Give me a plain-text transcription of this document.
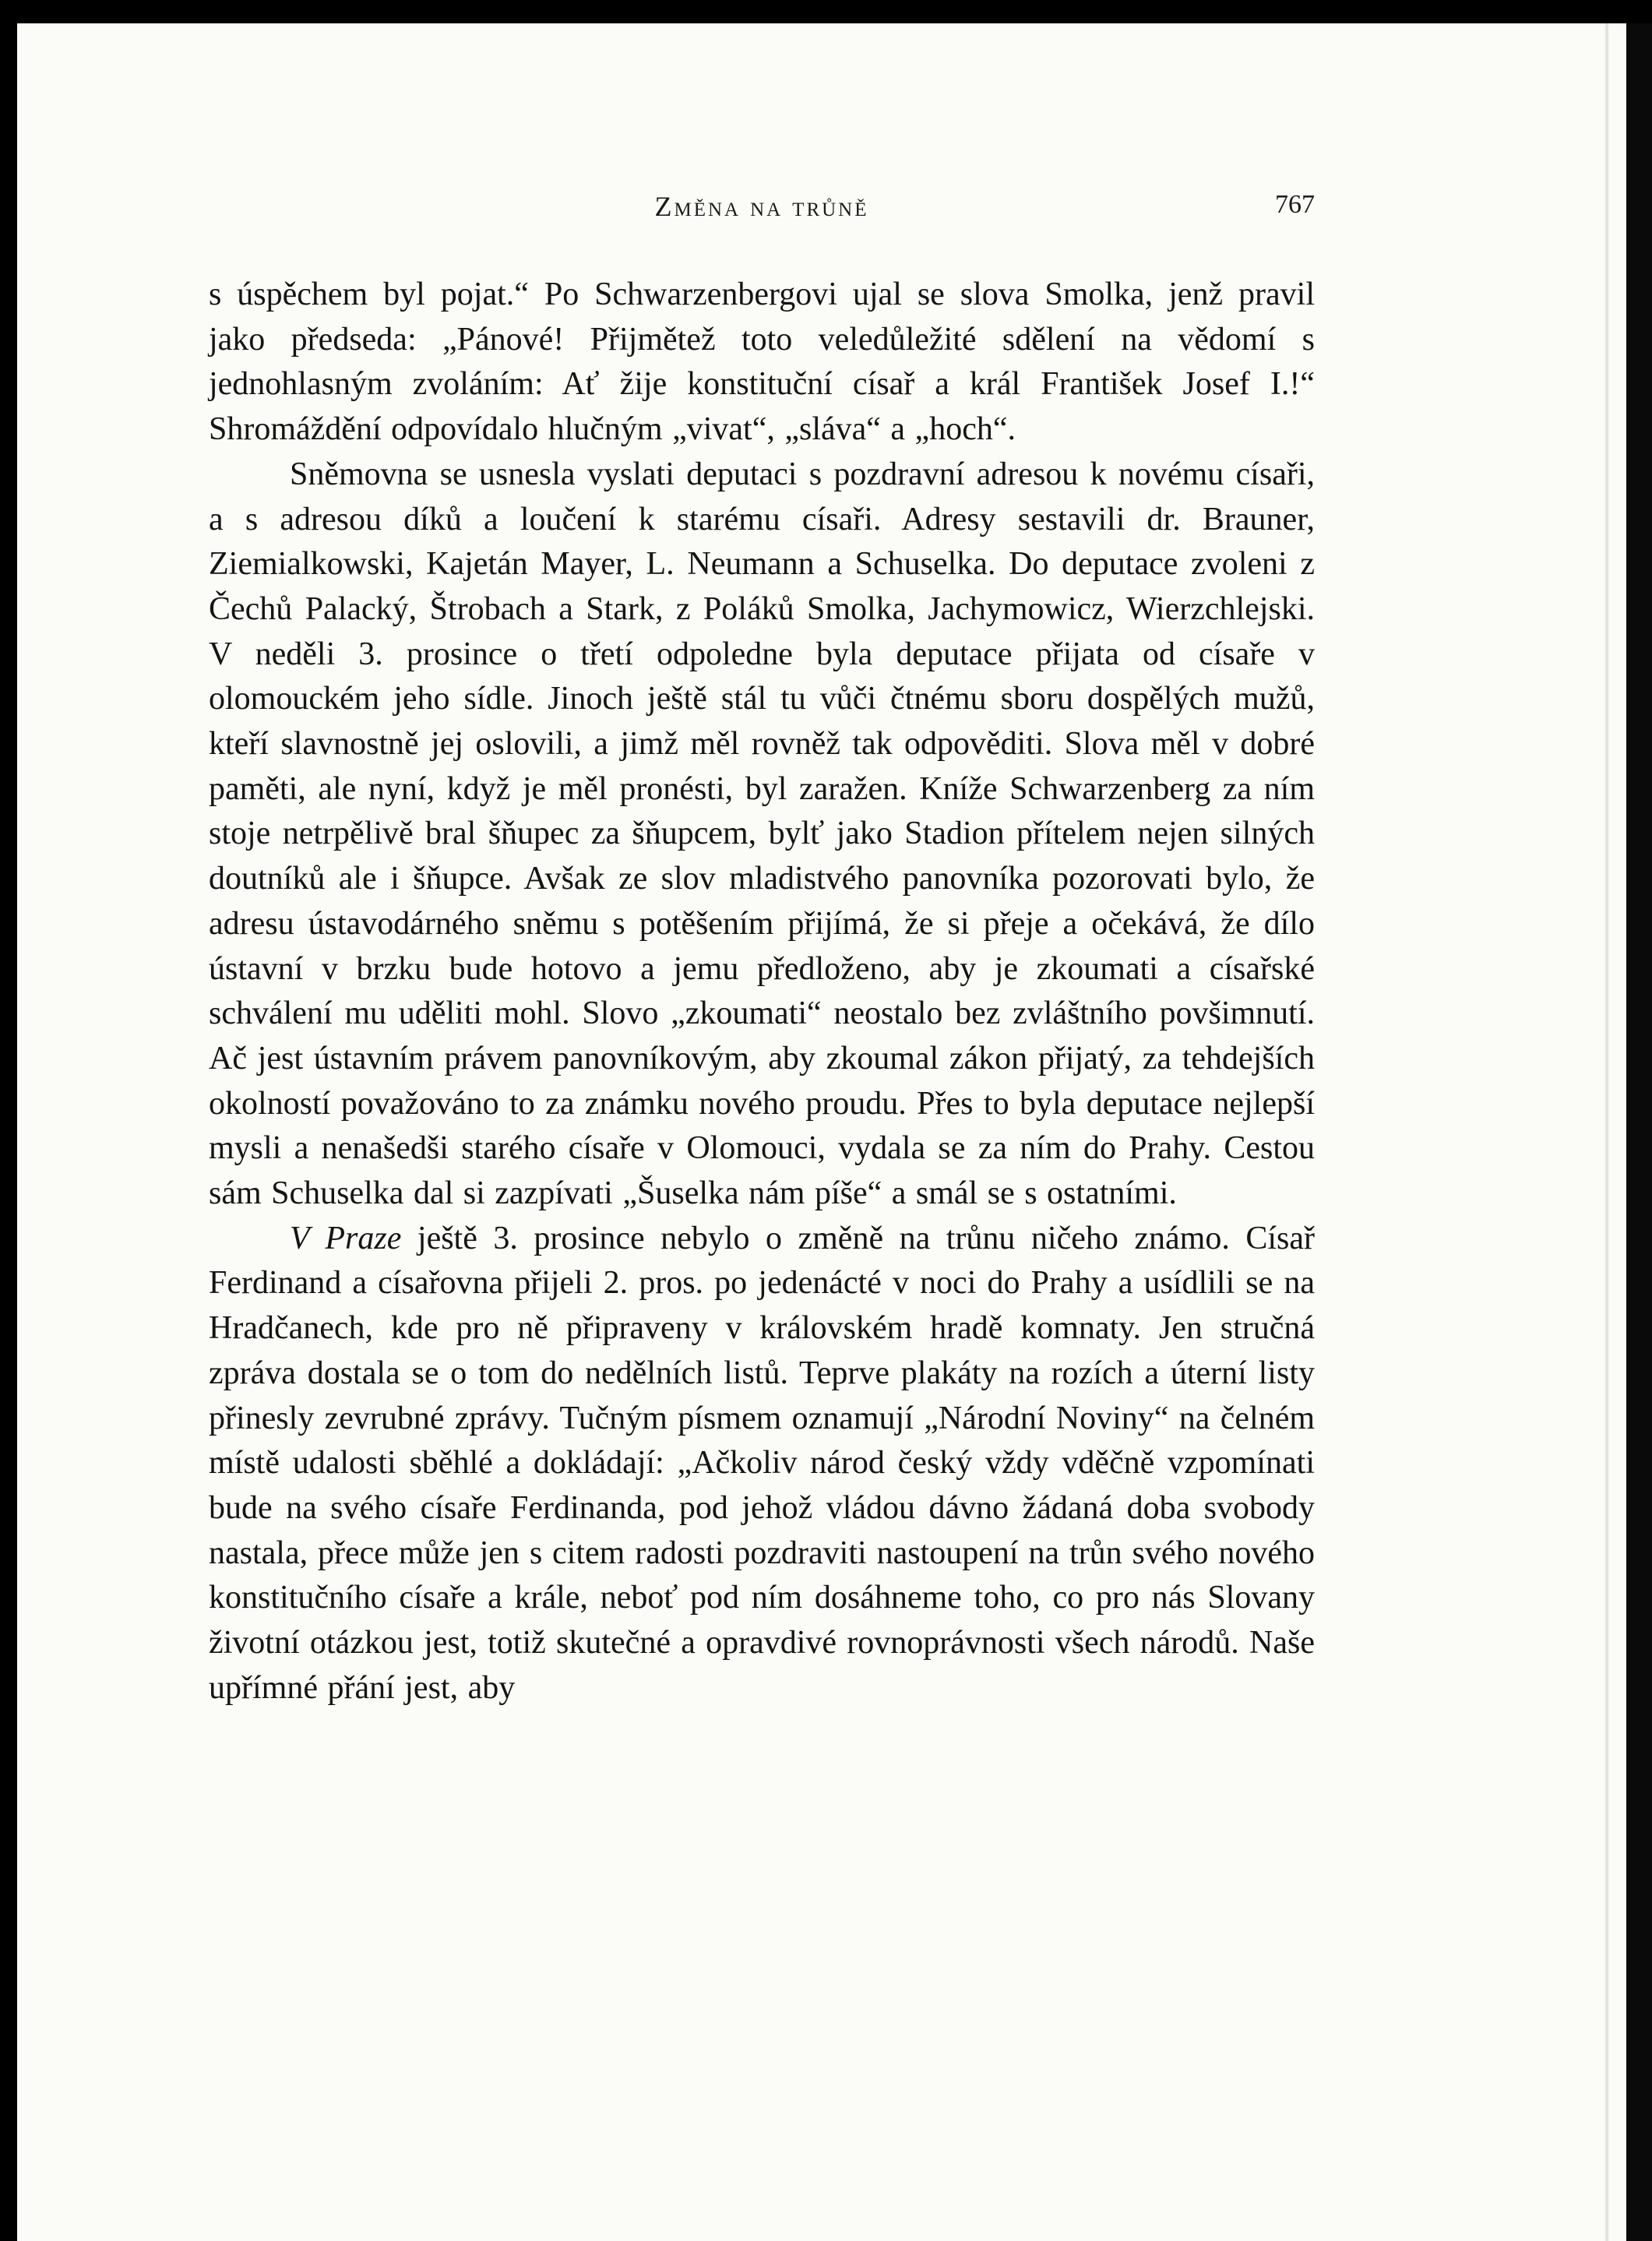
Změna na trůně	767

s úspěchem byl pojat.“ Po Schwarzenbergovi ujal se slova Smolka, jenž pravil jako předseda: „Pánové! Přijmětež toto veledůležité sdělení na vědomí s jednohlasným zvoláním: Ať žije konstituční císař a král František Josef I.!“ Shromáždění odpovídalo hlučným „vivat“, „sláva“ a „hoch“.

Sněmovna se usnesla vyslati deputaci s pozdravní adresou k novému císaři, a s adresou díků a loučení k starému císaři. Adresy sestavili dr. Brauner, Ziemialkowski, Kajetán Mayer, L. Neumann a Schuselka. Do deputace zvoleni z Čechů Palacký, Štrobach a Stark, z Poláků Smolka, Jachymowicz, Wierzchlejski. V neděli 3. prosince o třetí odpoledne byla deputace přijata od císaře v olomouckém jeho sídle. Jinoch ještě stál tu vůči čtnému sboru dospělých mužů, kteří slavnostně jej oslovili, a jimž měl rovněž tak odpověditi. Slova měl v dobré paměti, ale nyní, když je měl pronésti, byl zaražen. Kníže Schwarzenberg za ním stoje netrpělivě bral šňupec za šňupcem, bylť jako Stadion přítelem nejen silných doutníků ale i šňupce. Avšak ze slov mladistvého panovníka pozorovati bylo, že adresu ústavodárného sněmu s potěšením přijímá, že si přeje a očekává, že dílo ústavní v brzku bude hotovo a jemu předloženo, aby je zkoumati a císařské schválení mu uděliti mohl. Slovo „zkoumati“ neostalo bez zvláštního povšimnutí. Ač jest ústavním právem panovníkovým, aby zkoumal zákon přijatý, za tehdejších okolností považováno to za známku nového proudu. Přes to byla deputace nejlepší mysli a nenašedši starého císaře v Olomouci, vydala se za ním do Prahy. Cestou sám Schuselka dal si zazpívati „Šuselka nám píše“ a smál se s ostatními.

V Praze ještě 3. prosince nebylo o změně na trůnu ničeho známo. Císař Ferdinand a císařovna přijeli 2. pros. po jedenácté v noci do Prahy a usídlili se na Hradčanech, kde pro ně připraveny v královském hradě komnaty. Jen stručná zpráva dostala se o tom do nedělních listů. Teprve plakáty na rozích a úterní listy přinesly zevrubné zprávy. Tučným písmem oznamují „Národní Noviny“ na čelném místě udalosti sběhlé a dokládají: „Ačkoliv národ český vždy vděčně vzpomínati bude na svého císaře Ferdinanda, pod jehož vládou dávno žádaná doba svobody nastala, přece může jen s citem radosti pozdraviti nastoupení na trůn svého nového konstitučního císaře a krále, neboť pod ním dosáhneme toho, co pro nás Slovany životní otázkou jest, totiž skutečné a opravdivé rovnoprávnosti všech národů. Naše upřímné přání jest, aby
